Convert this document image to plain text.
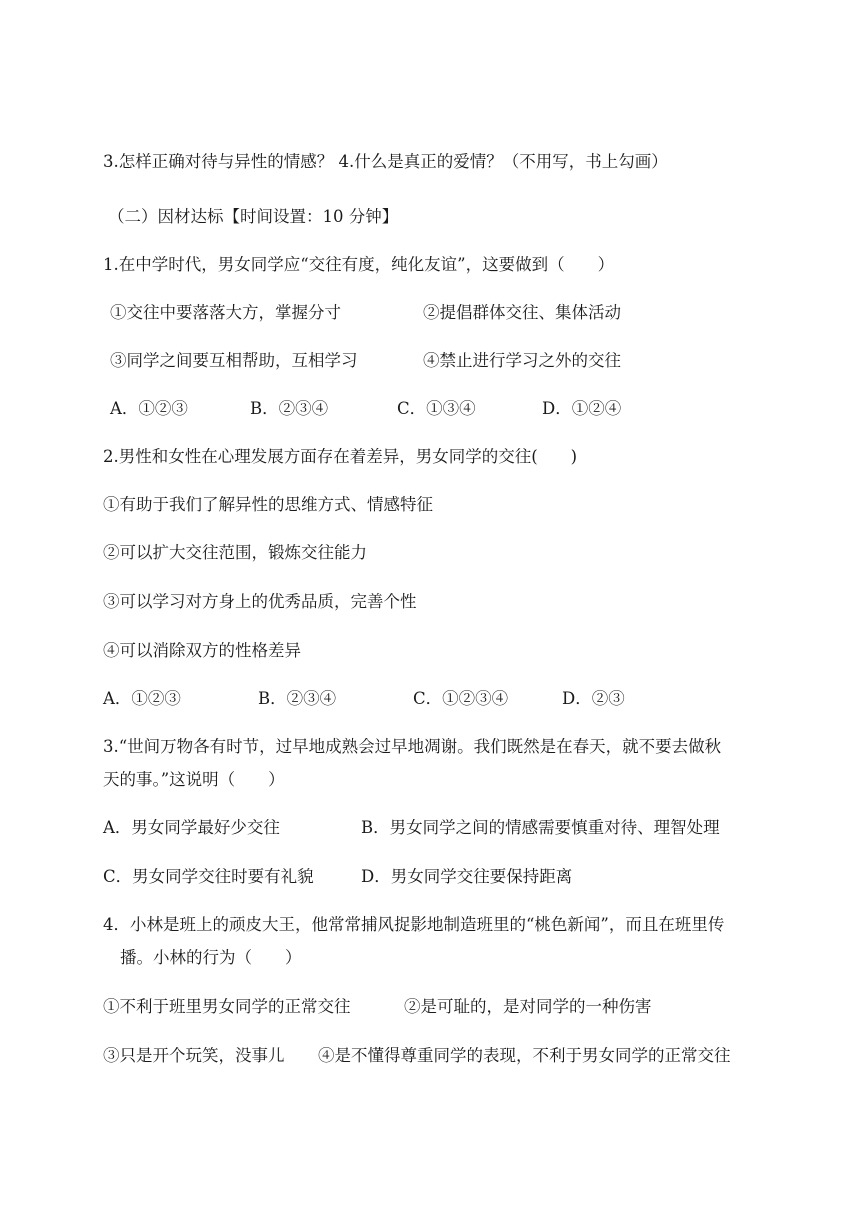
3.怎样正确对待与异性的情感？ 4.什么是真正的爱情？（不用写，书上勾画）
（二）因材达标【时间设置：10 分钟】
1.在中学时代，男女同学应“交往有度，纯化友谊”，这要做到（　　）
①交往中要落落大方，掌握分寸	②提倡群体交往、集体活动
③同学之间要互相帮助，互相学习	④禁止进行学习之外的交往
A．①②③	B．②③④	C．①③④	D．①②④
2.男性和女性在心理发展方面存在着差异，男女同学的交往(　　)
①有助于我们了解异性的思维方式、情感特征
②可以扩大交往范围，锻炼交往能力
③可以学习对方身上的优秀品质，完善个性
④可以消除双方的性格差异
A．①②③	B．②③④	C．①②③④	D．②③
3.“世间万物各有时节，过早地成熟会过早地凋谢。我们既然是在春天，就不要去做秋
天的事。”这说明（　　）
A．男女同学最好少交往	B．男女同学之间的情感需要慎重对待、理智处理
C．男女同学交往时要有礼貌	D．男女同学交往要保持距离
4．小林是班上的顽皮大王，他常常捕风捉影地制造班里的“桃色新闻”，而且在班里传
播。小林的行为（　　）
①不利于班里男女同学的正常交往	②是可耻的，是对同学的一种伤害
③只是开个玩笑，没事儿 ④是不懂得尊重同学的表现，不利于男女同学的正常交往
